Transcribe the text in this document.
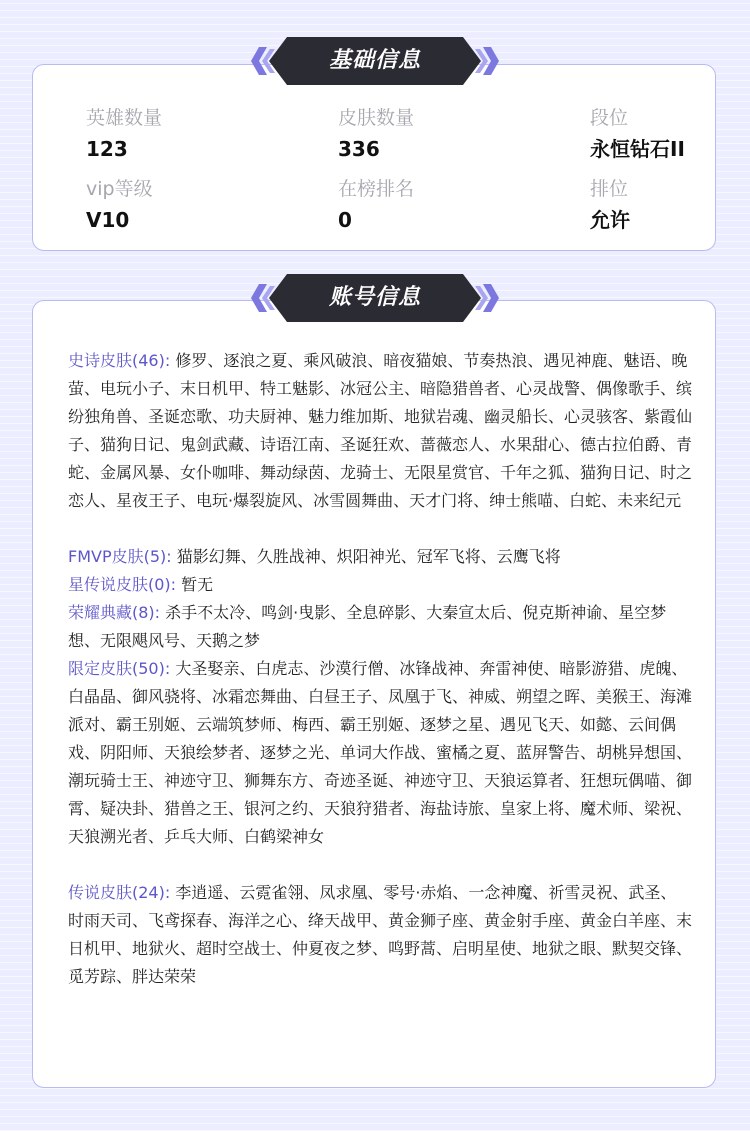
基础信息
英雄数量
123
皮肤数量
336
段位
永恒钻石II
vip等级
V10
在榜排名
0
排位
允许
账号信息
史诗皮肤(46): 修罗、逐浪之夏、乘风破浪、暗夜猫娘、节奏热浪、遇见神鹿、魅语、晚萤、电玩小子、末日机甲、特工魅影、冰冠公主、暗隐猎兽者、心灵战警、偶像歌手、缤纷独角兽、圣诞恋歌、功夫厨神、魅力维加斯、地狱岩魂、幽灵船长、心灵骇客、紫霞仙子、猫狗日记、鬼剑武藏、诗语江南、圣诞狂欢、蔷薇恋人、水果甜心、德古拉伯爵、青蛇、金属风暴、女仆咖啡、舞动绿茵、龙骑士、无限星赏官、千年之狐、猫狗日记、时之恋人、星夜王子、电玩·爆裂旋风、冰雪圆舞曲、天才门将、绅士熊喵、白蛇、未来纪元
FMVP皮肤(5): 猫影幻舞、久胜战神、炽阳神光、冠军飞将、云鹰飞将
星传说皮肤(0): 暂无
荣耀典藏(8): 杀手不太冷、鸣剑·曳影、全息碎影、大秦宣太后、倪克斯神谕、星空梦想、无限飓风号、天鹅之梦
限定皮肤(50): 大圣娶亲、白虎志、沙漠行僧、冰锋战神、奔雷神使、暗影游猎、虎魄、白晶晶、御风骁将、冰霜恋舞曲、白昼王子、凤凰于飞、神威、朔望之晖、美猴王、海滩派对、霸王别姬、云端筑梦师、梅西、霸王别姬、逐梦之星、遇见飞天、如懿、云间偶戏、阴阳师、天狼绘梦者、逐梦之光、单词大作战、蜜橘之夏、蓝屏警告、胡桃异想国、潮玩骑士王、神迹守卫、狮舞东方、奇迹圣诞、神迹守卫、天狼运算者、狂想玩偶喵、御霄、疑决卦、猎兽之王、银河之约、天狼狩猎者、海盐诗旅、皇家上将、魔术师、梁祝、天狼溯光者、乒乓大师、白鹤梁神女
传说皮肤(24): 李逍遥、云霓雀翎、凤求凰、零号·赤焰、一念神魔、祈雪灵祝、武圣、时雨天司、飞鸢探春、海洋之心、绛天战甲、黄金狮子座、黄金射手座、黄金白羊座、末日机甲、地狱火、超时空战士、仲夏夜之梦、鸣野蒿、启明星使、地狱之眼、默契交锋、觅芳踪、胖达荣荣
